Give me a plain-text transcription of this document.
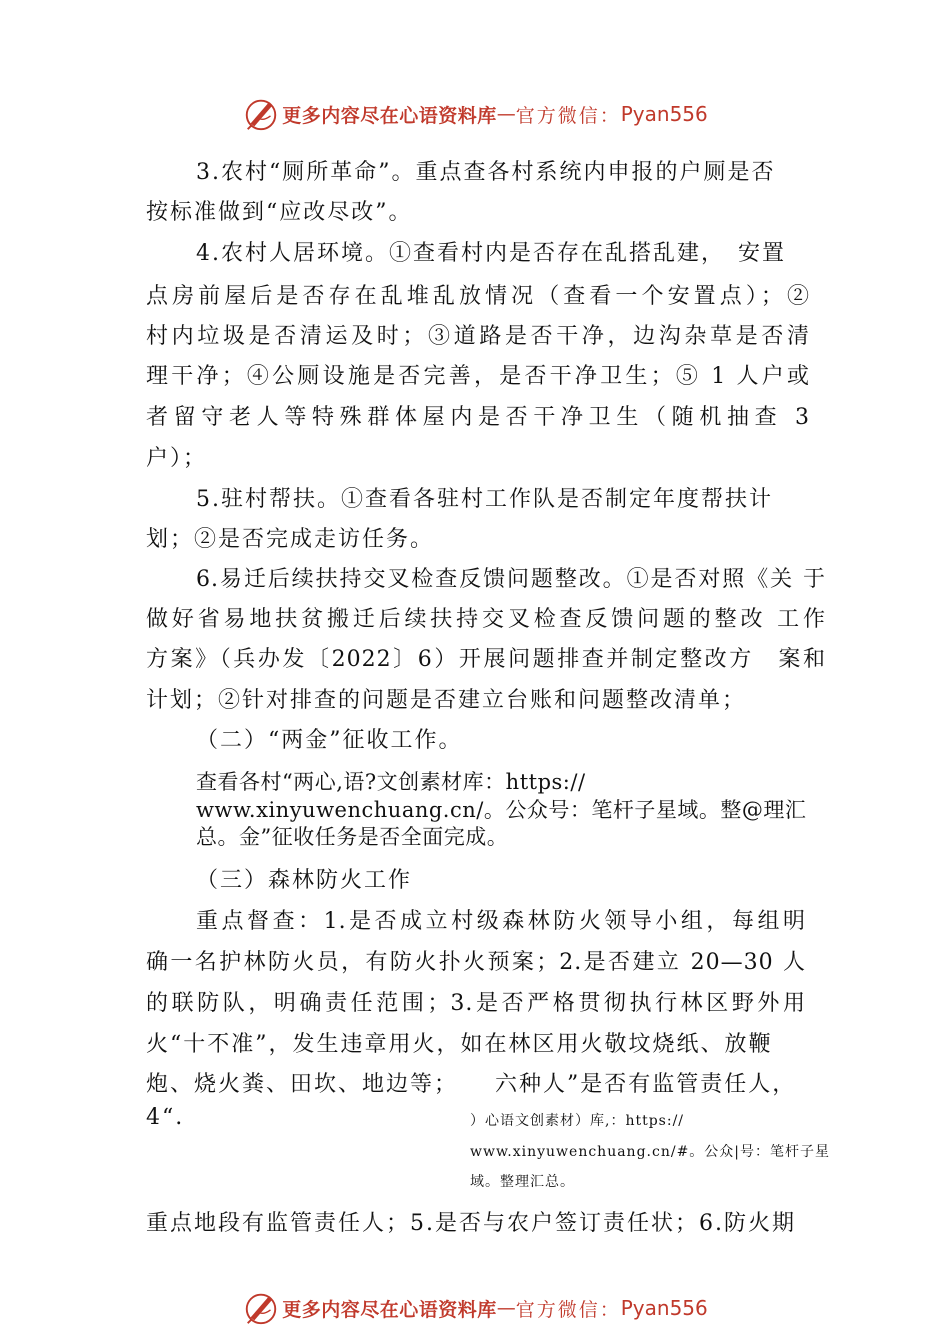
更多内容尽在心语资料库 — 官方微信： Pyan556
3.农村“厕所革命”。重点查各村系统内申报的户厕是否
按标准做到“应改尽改”。
4.农村人居环境。①查看村内是否存在乱搭乱建，　安置
点房前屋后是否存在乱堆乱放情况（查看一个安置点）；②
村内垃圾是否清运及时；③道路是否干净，边沟杂草是否清
理干净；④公厕设施是否完善，是否干净卫生；⑤ 1 人户或
者留守老人等特殊群体屋内是否干净卫生（随机抽查 3
户）；
5.驻村帮扶。①查看各驻村工作队是否制定年度帮扶计
划；②是否完成走访任务。
6.易迁后续扶持交叉检查反馈问题整改。①是否对照《关 于
做好省易地扶贫搬迁后续扶持交叉检查反馈问题的整改 工作
方案》（兵办发〔2022〕6）开展问题排查并制定整改方　案和
计划；②针对排查的问题是否建立台账和问题整改清单；
（二）“两金”征收工作。
查看各村“两心,语?文创素材库：https://
www.xinyuwenchuang.cn/。公众号：笔杆子星域。整@理汇
总。金”征收任务是否全面完成。
（三）森林防火工作
重点督查：1.是否成立村级森林防火领导小组，每组明
确一名护林防火员，有防火扑火预案；2.是否建立 20—30 人
的联防队，明确责任范围；3.是否严格贯彻执行林区野外用
火“十不准”，发生违章用火，如在林区用火敬坟烧纸、放鞭
炮、烧火粪、田坎、地边等；　　六种人”是否有监管责任人，
4“.	）心语文创素材）库,：https://
www.xinyuwenchuang.cn/#。公众|号：笔杆子星
域。整理汇总。
重点地段有监管责任人；5.是否与农户签订责任状；6.防火期
更多内容尽在心语资料库 — 官方微信： Pyan556
